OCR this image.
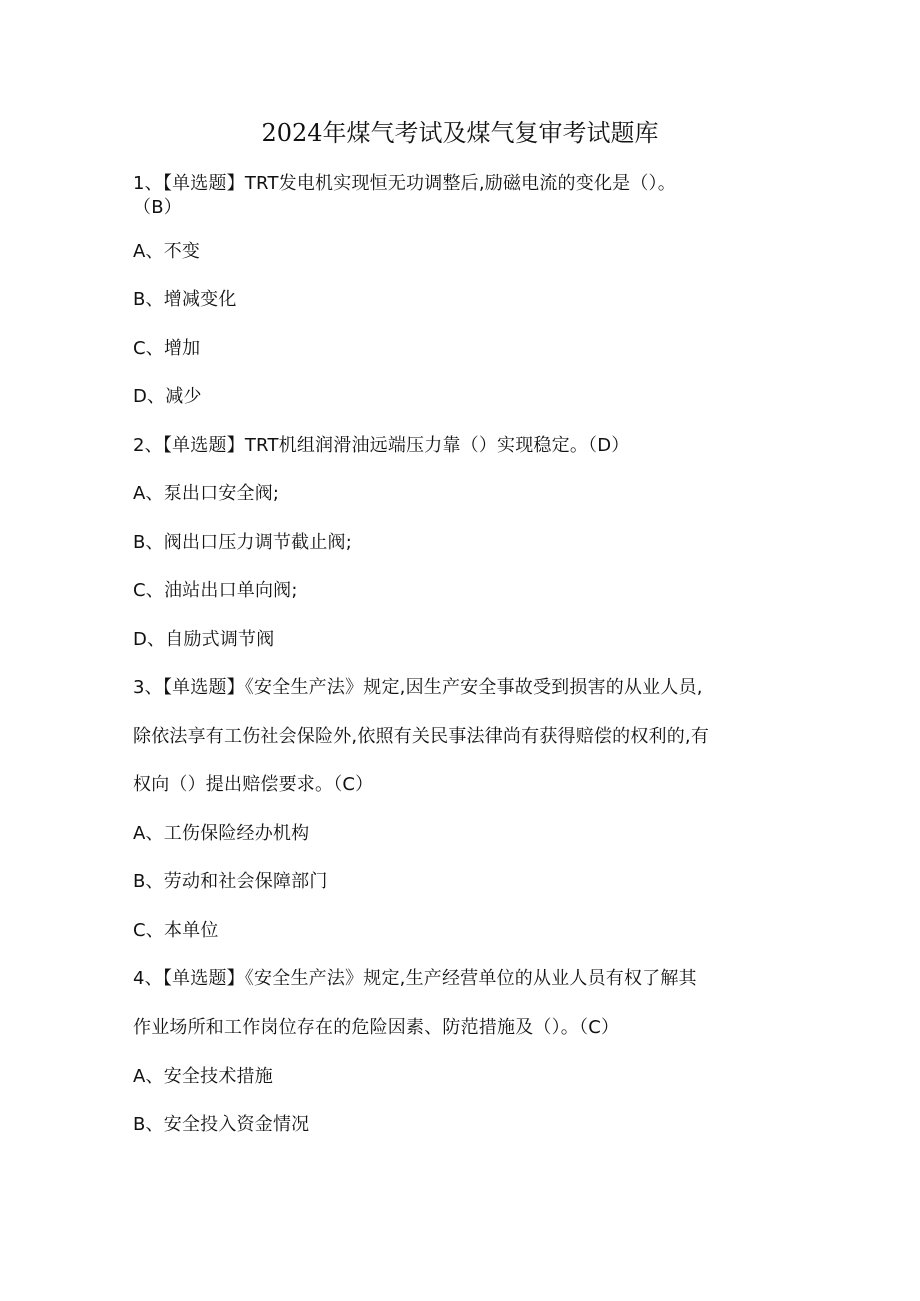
2024年煤气考试及煤气复审考试题库
1、【单选题】TRT发电机实现恒无功调整后,励磁电流的变化是（）。
（B）
A、不变
B、增减变化
C、增加
D、减少
2、【单选题】TRT机组润滑油远端压力靠（）实现稳定。（D）
A、泵出口安全阀;
B、阀出口压力调节截止阀;
C、油站出口单向阀;
D、自励式调节阀
3、【单选题】《安全生产法》规定,因生产安全事故受到损害的从业人员,
除依法享有工伤社会保险外,依照有关民事法律尚有获得赔偿的权利的,有
权向（）提出赔偿要求。（C）
A、工伤保险经办机构
B、劳动和社会保障部门
C、本单位
4、【单选题】《安全生产法》规定,生产经营单位的从业人员有权了解其
作业场所和工作岗位存在的危险因素、防范措施及（）。（C）
A、安全技术措施
B、安全投入资金情况
